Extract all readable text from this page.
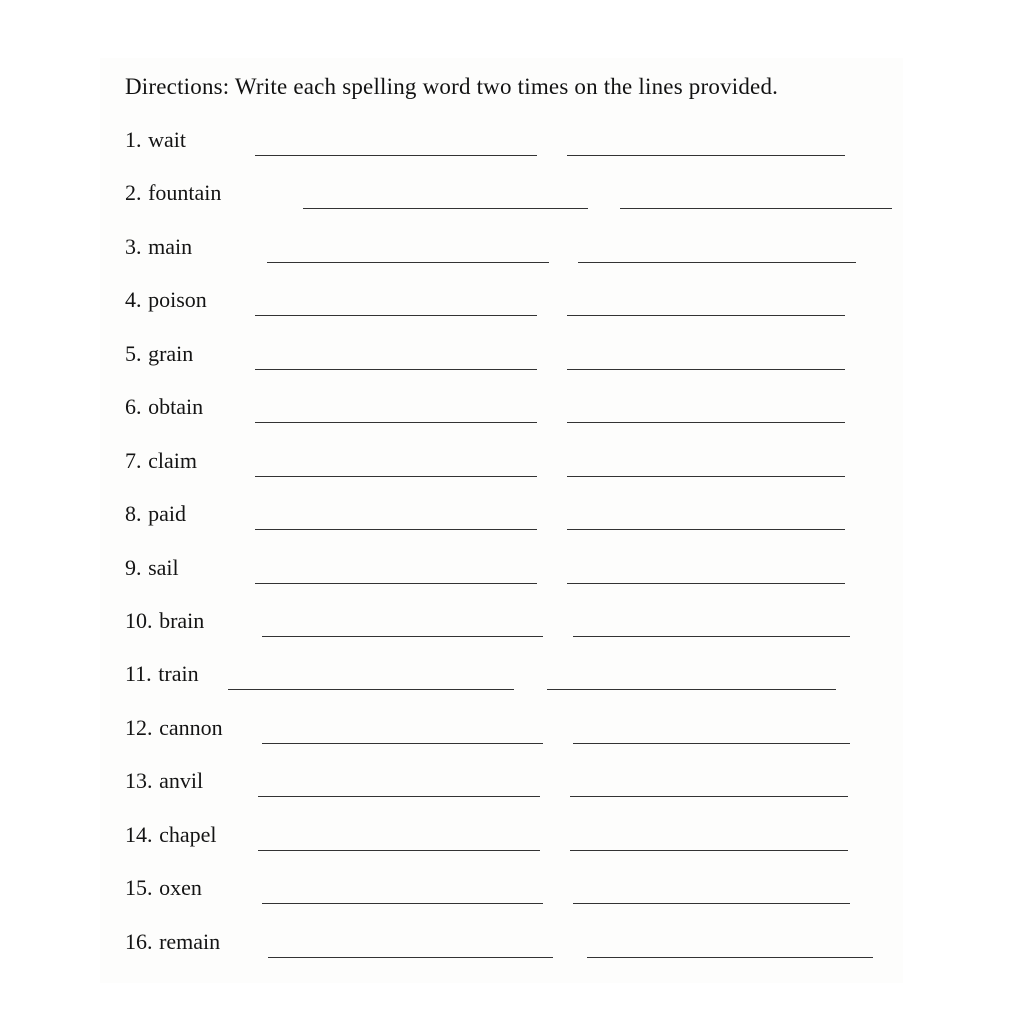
Directions: Write each spelling word two times on the lines provided.
1. wait
2. fountain
3. main
4. poison
5. grain
6. obtain
7. claim
8. paid
9. sail
10. brain
11. train
12. cannon
13. anvil
14. chapel
15. oxen
16. remain
